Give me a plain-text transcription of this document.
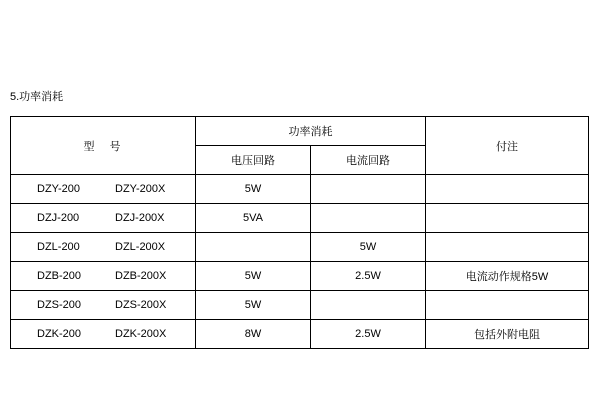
5.功率消耗
型 号	功率消耗		付注
	电压回路	电流回路	

DZY-200 DZY-200X	5W		

DZJ-200 DZJ-200X	5VA		

DZL-200 DZL-200X		5W	

DZB-200 DZB-200X	5W	2.5W	电流动作规格5W

DZS-200 DZS-200X	5W		

DZK-200 DZK-200X	8W	2.5W	包括外附电阻
